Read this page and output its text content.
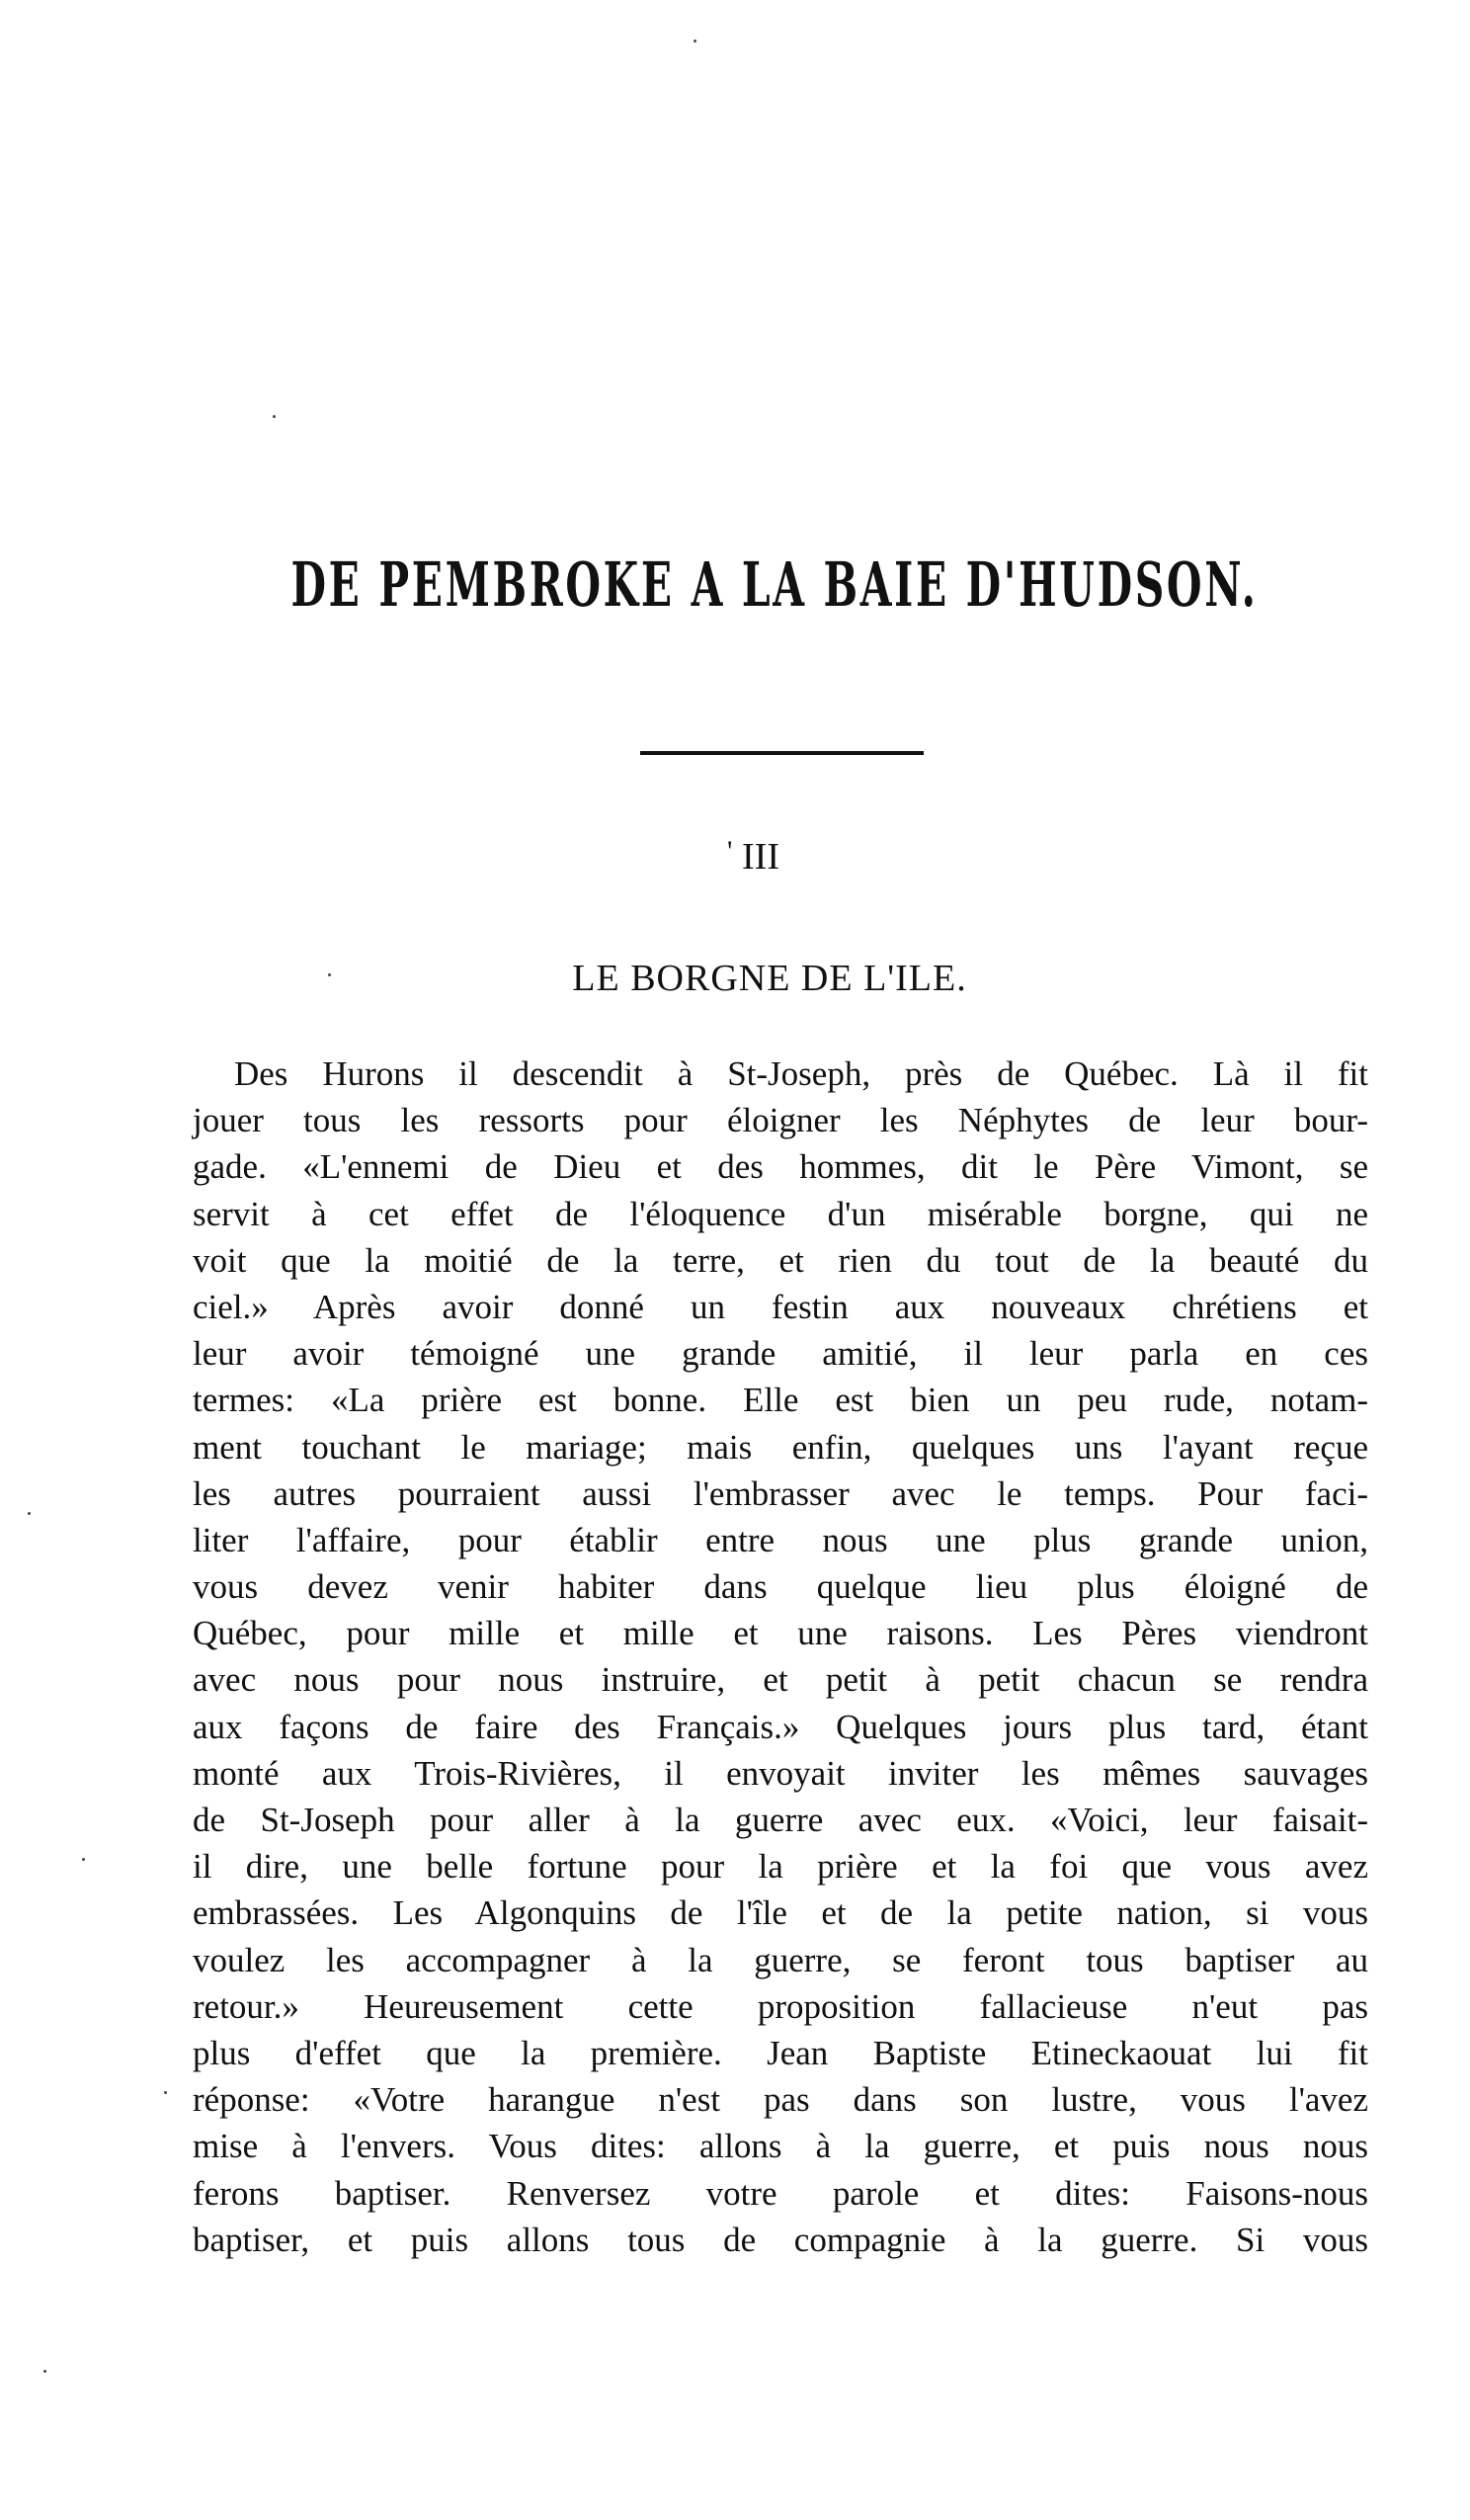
DE PEMBROKE A LA BAIE D'HUDSON.
' III
LE BORGNE DE L'ILE.
Des Hurons il descendit à St-Joseph, près de Québec. Là il fit
jouer tous les ressorts pour éloigner les Néphytes de leur bour-
gade. «L'ennemi de Dieu et des hommes, dit le Père Vimont, se
servit à cet effet de l'éloquence d'un misérable borgne, qui ne
voit que la moitié de la terre, et rien du tout de la beauté du
ciel.» Après avoir donné un festin aux nouveaux chrétiens et
leur avoir témoigné une grande amitié, il leur parla en ces
termes: «La prière est bonne. Elle est bien un peu rude, notam-
ment touchant le mariage; mais enfin, quelques uns l'ayant reçue
les autres pourraient aussi l'embrasser avec le temps. Pour faci-
liter l'affaire, pour établir entre nous une plus grande union,
vous devez venir habiter dans quelque lieu plus éloigné de
Québec, pour mille et mille et une raisons. Les Pères viendront
avec nous pour nous instruire, et petit à petit chacun se rendra
aux façons de faire des Français.» Quelques jours plus tard, étant
monté aux Trois-Rivières, il envoyait inviter les mêmes sauvages
de St-Joseph pour aller à la guerre avec eux. «Voici, leur faisait-
il dire, une belle fortune pour la prière et la foi que vous avez
embrassées. Les Algonquins de l'île et de la petite nation, si vous
voulez les accompagner à la guerre, se feront tous baptiser au
retour.» Heureusement cette proposition fallacieuse n'eut pas
plus d'effet que la première. Jean Baptiste Etineckaouat lui fit
réponse: «Votre harangue n'est pas dans son lustre, vous l'avez
mise à l'envers. Vous dites: allons à la guerre, et puis nous nous
ferons baptiser. Renversez votre parole et dites: Faisons-nous
baptiser, et puis allons tous de compagnie à la guerre. Si vous
